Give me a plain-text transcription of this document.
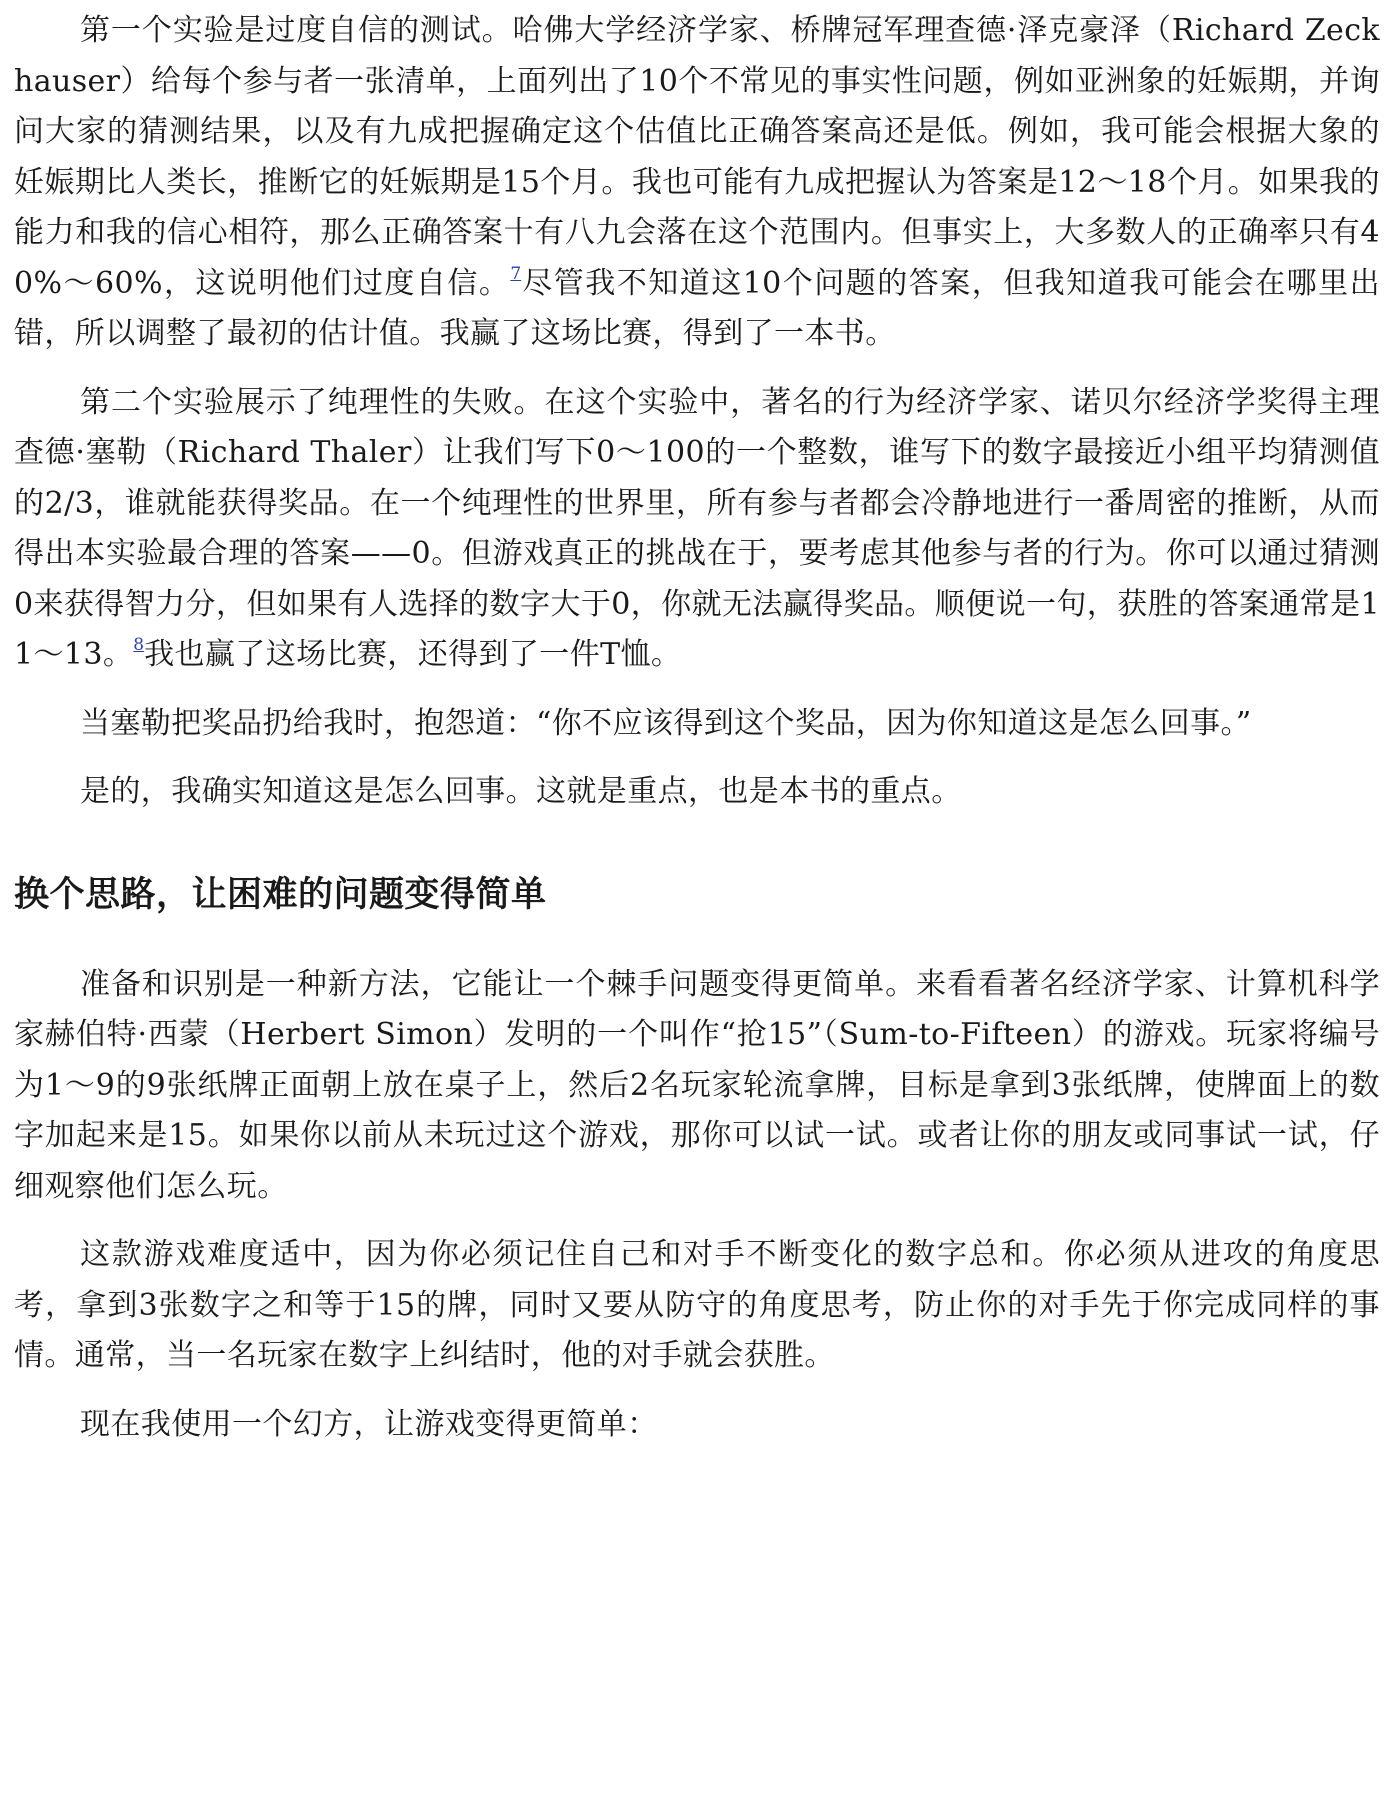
第一个实验是过度自信的测试。哈佛大学经济学家、桥牌冠军理查德·泽克豪泽（Richard Zeckhauser）给每个参与者一张清单，上面列出了10个不常见的事实性问题，例如亚洲象的妊娠期，并询问大家的猜测结果，以及有九成把握确定这个估值比正确答案高还是低。例如，我可能会根据大象的妊娠期比人类长，推断它的妊娠期是15个月。我也可能有九成把握认为答案是12～18个月。如果我的能力和我的信心相符，那么正确答案十有八九会落在这个范围内。但事实上，大多数人的正确率只有40%～60%，这说明他们过度自信。$^7$尽管我不知道这10个问题的答案，但我知道我可能会在哪里出错，所以调整了最初的估计值。我赢了这场比赛，得到了一本书。

第二个实验展示了纯理性的失败。在这个实验中，著名的行为经济学家、诺贝尔经济学奖得主理查德·塞勒（Richard Thaler）让我们写下0～100的一个整数，谁写下的数字最接近小组平均猜测值的2/3，谁就能获得奖品。在一个纯理性的世界里，所有参与者都会冷静地进行一番周密的推断，从而得出本实验最合理的答案——0。但游戏真正的挑战在于，要考虑其他参与者的行为。你可以通过猜测0来获得智力分，但如果有人选择的数字大于0，你就无法赢得奖品。顺便说一句，获胜的答案通常是11～13。$^8$我也赢了这场比赛，还得到了一件T恤。

当塞勒把奖品扔给我时，抱怨道：“你不应该得到这个奖品，因为你知道这是怎么回事。”

是的，我确实知道这是怎么回事。这就是重点，也是本书的重点。

换个思路，让困难的问题变得简单

准备和识别是一种新方法，它能让一个棘手问题变得更简单。来看看著名经济学家、计算机科学家赫伯特·西蒙（Herbert Simon）发明的一个叫作“抢15”（Sum-to-Fifteen）的游戏。玩家将编号为1～9的9张纸牌正面朝上放在桌子上，然后2名玩家轮流拿牌，目标是拿到3张纸牌，使牌面上的数字加起来是15。如果你以前从未玩过这个游戏，那你可以试一试。或者让你的朋友或同事试一试，仔细观察他们怎么玩。

这款游戏难度适中，因为你必须记住自己和对手不断变化的数字总和。你必须从进攻的角度思考，拿到3张数字之和等于15的牌，同时又要从防守的角度思考，防止你的对手先于你完成同样的事情。通常，当一名玩家在数字上纠结时，他的对手就会获胜。

现在我使用一个幻方，让游戏变得更简单：
